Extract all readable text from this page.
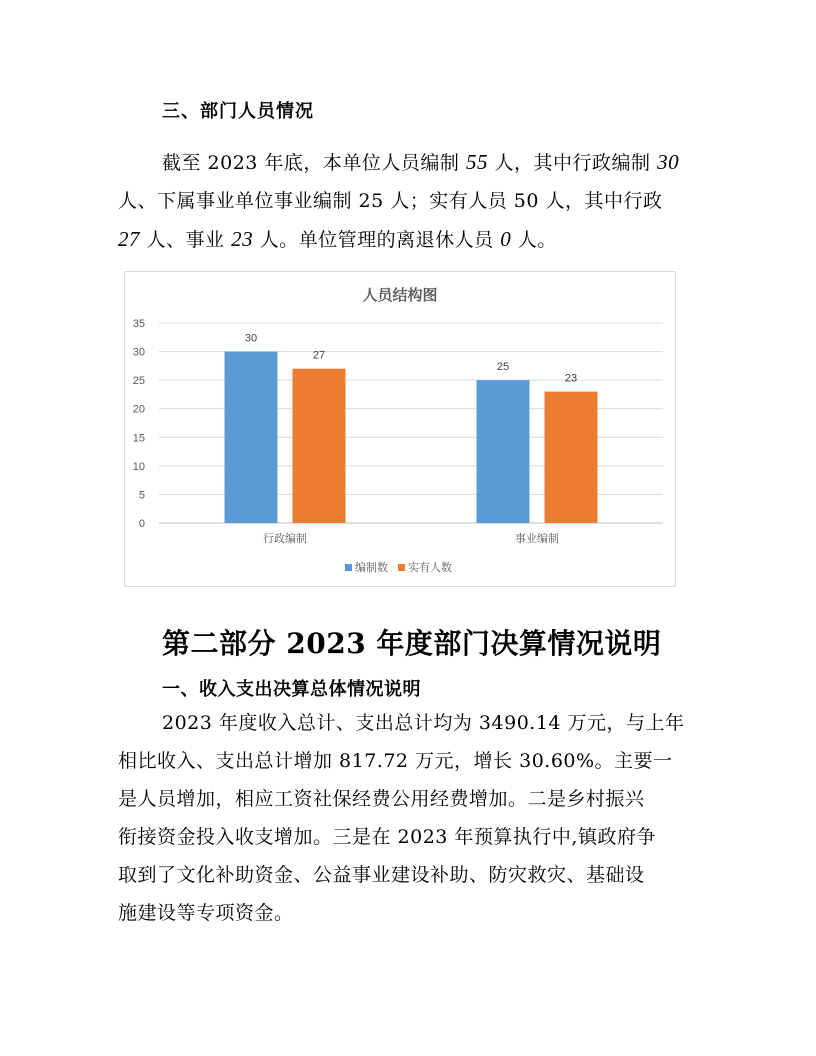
三、部门人员情况
截至 2023 年底，本单位人员编制 55 人，其中行政编制 30
人、下属事业单位事业编制 25 人；实有人员 50 人，其中行政
27 人、事业 23 人。单位管理的离退休人员 0 人。
人员结构图
0
5
10
15
20
25
30
35
30
27
行政编制
25
23
事业编制
编制数 实有人数
第二部分 2023 年度部门决算情况说明
一、收入支出决算总体情况说明
2023 年度收入总计、支出总计均为 3490.14 万元，与上年
相比收入、支出总计增加 817.72 万元，增长 30.60%。主要一
是人员增加，相应工资社保经费公用经费增加。二是乡村振兴
衔接资金投入收支增加。三是在 2023 年预算执行中,镇政府争
取到了文化补助资金、公益事业建设补助、防灾救灾、基础设
施建设等专项资金。
